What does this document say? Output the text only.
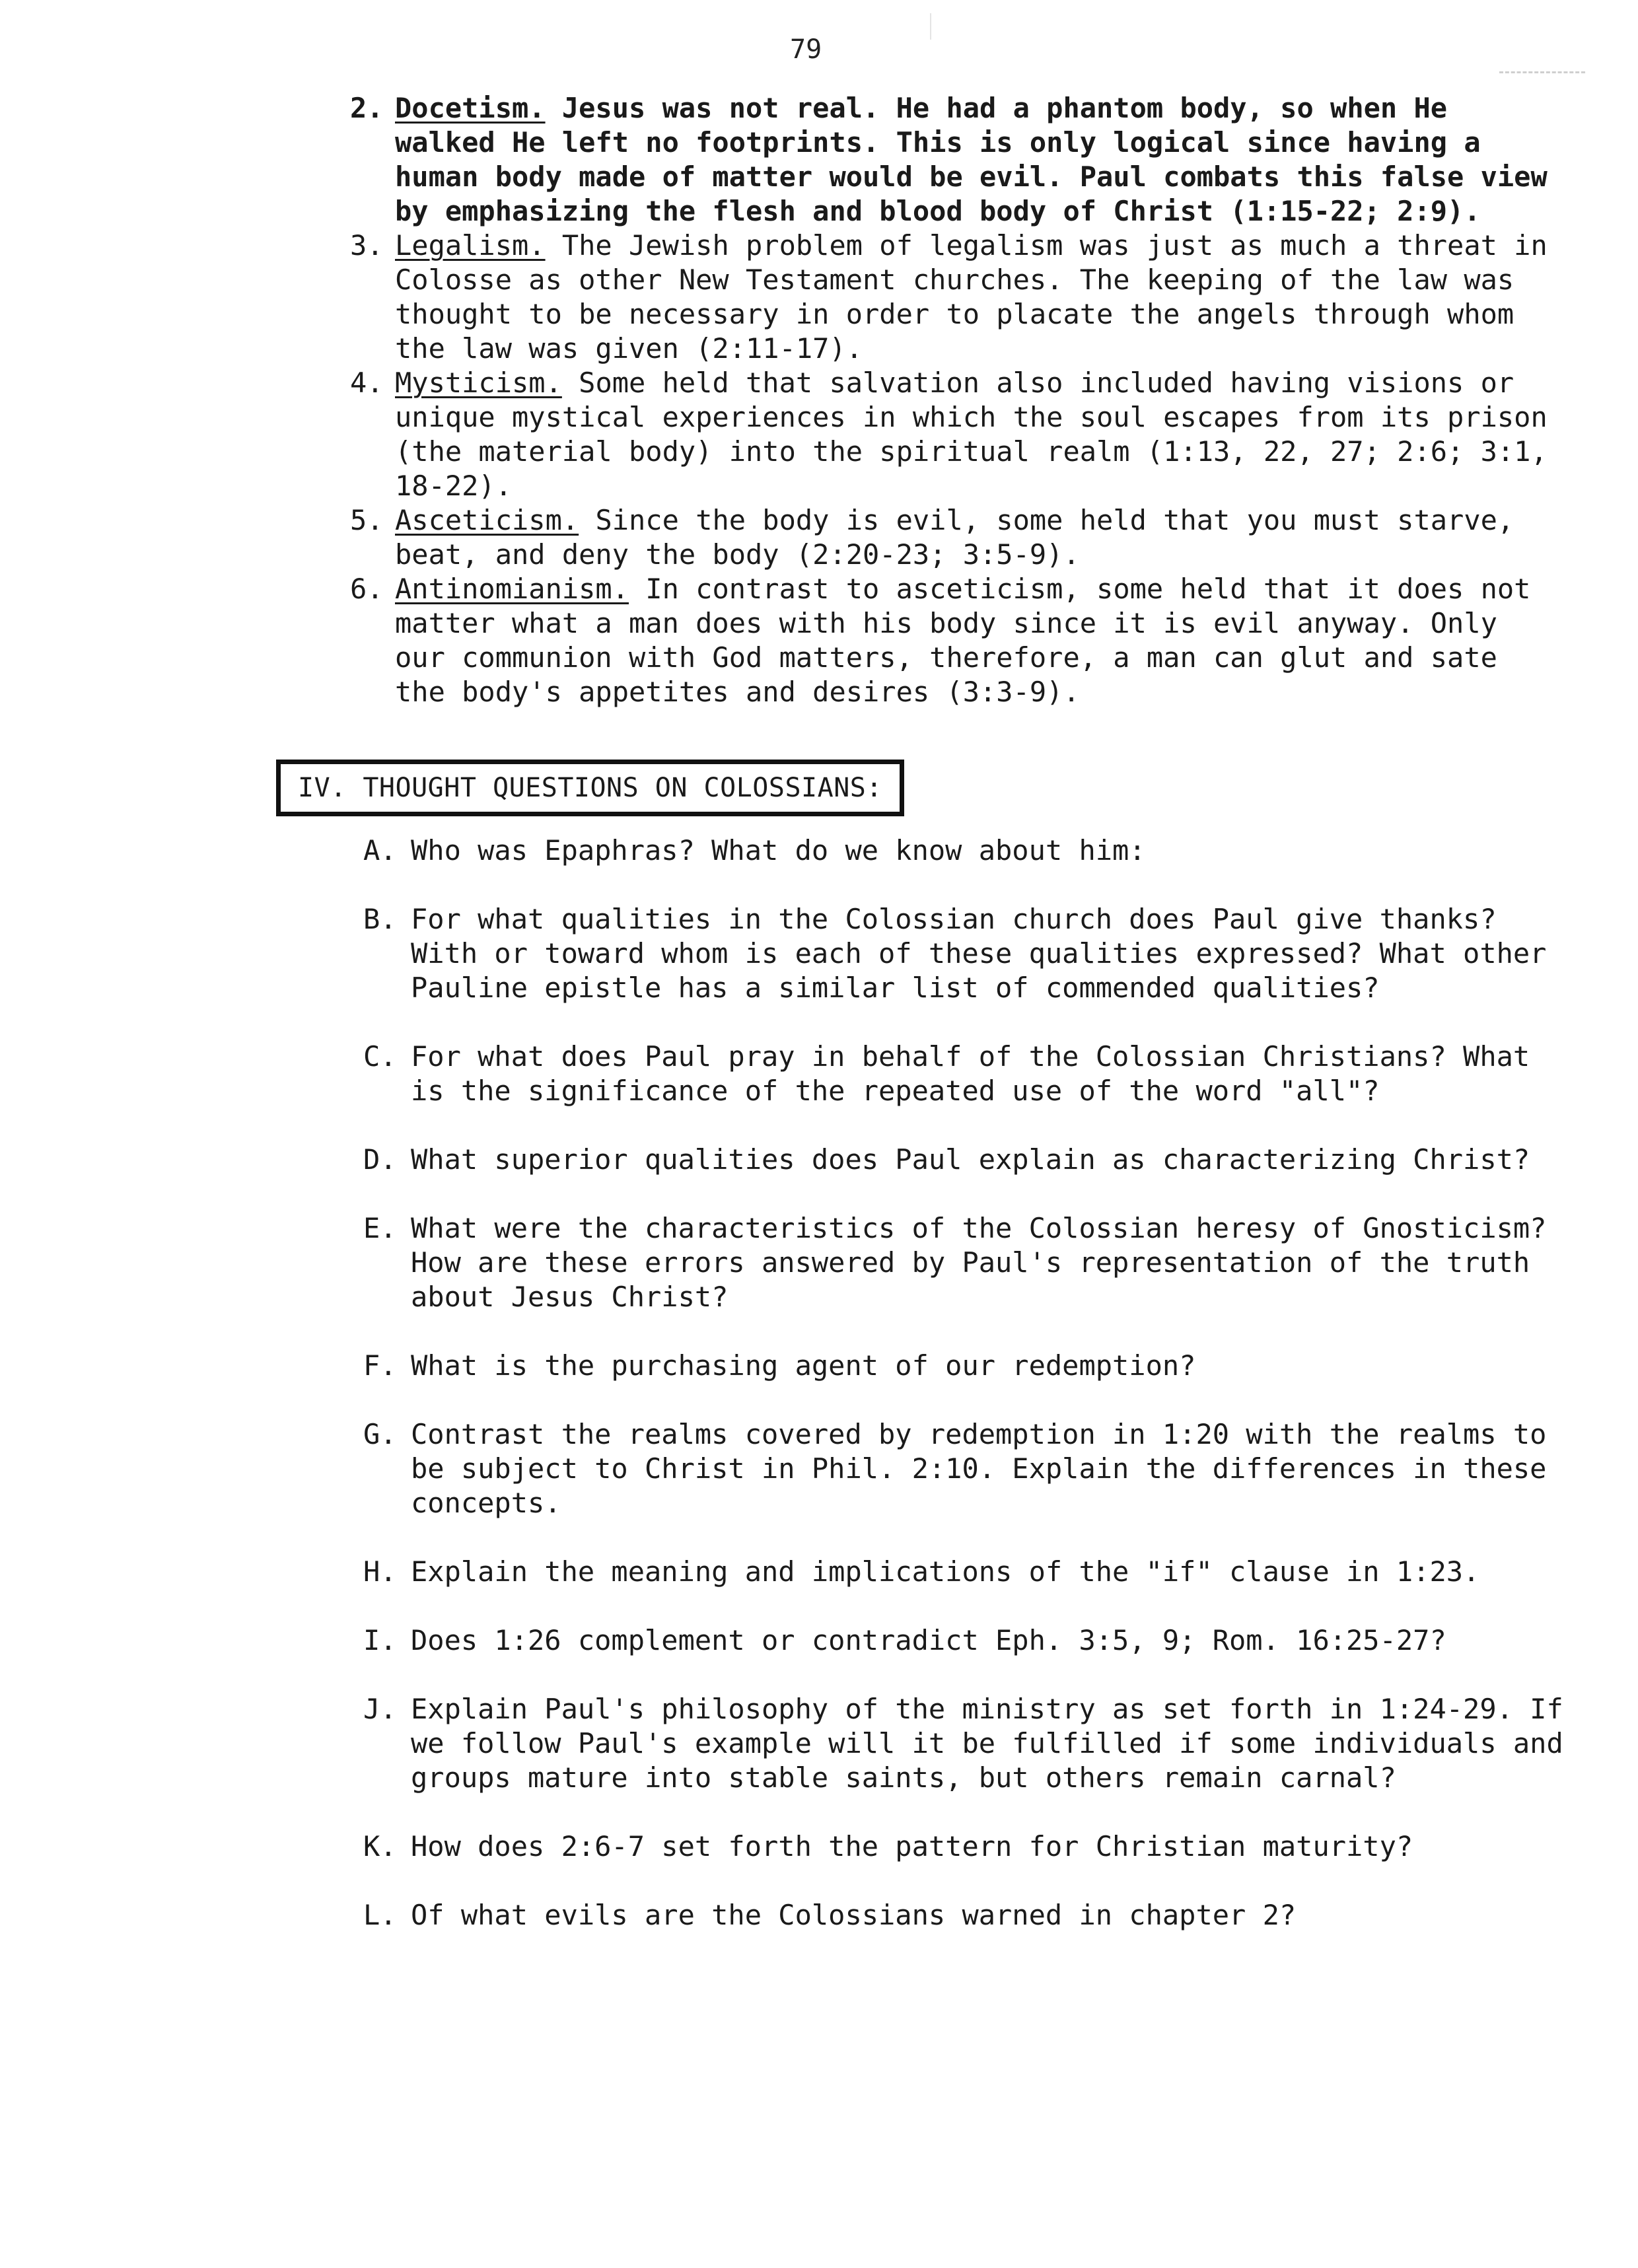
79
2. Docetism. Jesus was not real. He had a phantom body, so when He walked He left no footprints. This is only logical since having a human body made of matter would be evil. Paul combats this false view by emphasizing the flesh and blood body of Christ (1:15-22; 2:9).
3. Legalism. The Jewish problem of legalism was just as much a threat in Colosse as other New Testament churches. The keeping of the law was thought to be necessary in order to placate the angels through whom the law was given (2:11-17).
4. Mysticism. Some held that salvation also included having visions or unique mystical experiences in which the soul escapes from its prison (the material body) into the spiritual realm (1:13, 22, 27; 2:6; 3:1, 18-22).
5. Asceticism. Since the body is evil, some held that you must starve, beat, and deny the body (2:20-23; 3:5-9).
6. Antinomianism. In contrast to asceticism, some held that it does not matter what a man does with his body since it is evil anyway. Only our communion with God matters, therefore, a man can glut and sate the body's appetites and desires (3:3-9).
IV. THOUGHT QUESTIONS ON COLOSSIANS:
A. Who was Epaphras? What do we know about him:
B. For what qualities in the Colossian church does Paul give thanks? With or toward whom is each of these qualities expressed? What other Pauline epistle has a similar list of commended qualities?
C. For what does Paul pray in behalf of the Colossian Christians? What is the significance of the repeated use of the word "all"?
D. What superior qualities does Paul explain as characterizing Christ?
E. What were the characteristics of the Colossian heresy of Gnosticism? How are these errors answered by Paul's representation of the truth about Jesus Christ?
F. What is the purchasing agent of our redemption?
G. Contrast the realms covered by redemption in 1:20 with the realms to be subject to Christ in Phil. 2:10. Explain the differences in these concepts.
H. Explain the meaning and implications of the "if" clause in 1:23.
I. Does 1:26 complement or contradict Eph. 3:5, 9; Rom. 16:25-27?
J. Explain Paul's philosophy of the ministry as set forth in 1:24-29. If we follow Paul's example will it be fulfilled if some individuals and groups mature into stable saints, but others remain carnal?
K. How does 2:6-7 set forth the pattern for Christian maturity?
L. Of what evils are the Colossians warned in chapter 2?
